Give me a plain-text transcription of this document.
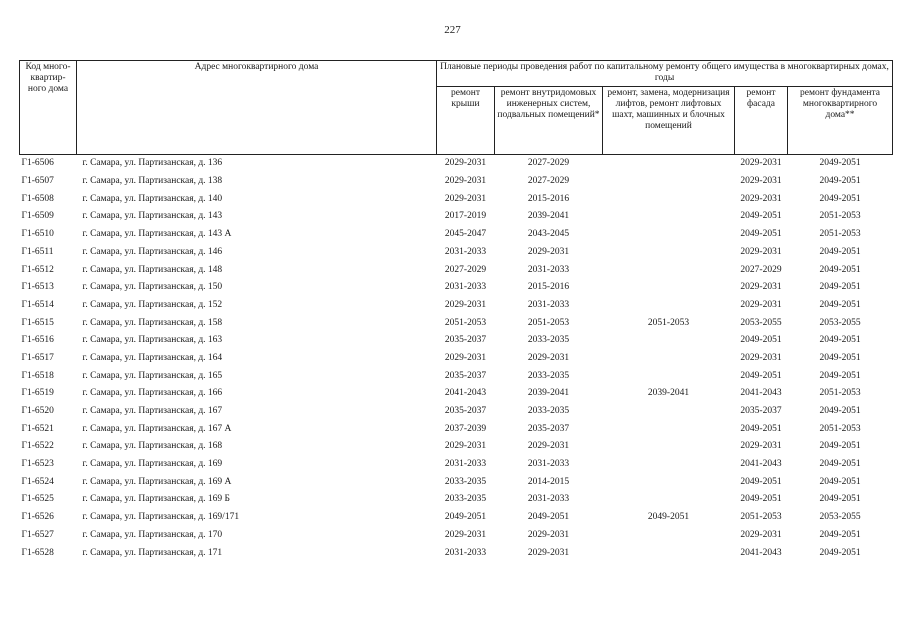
227
Код много-квартир-ного дома	Адрес многоквартирного дома	Плановые периоды проведения работ по капитальному ремонту общего имущества в многоквартирных домах, годы				
		ремонт крыши	ремонт внутридомовых инженерных систем, подвальных помещений*	ремонт, замена, модернизация лифтов, ремонт лифтовых шахт, машинных и блочных помещений	ремонт фасада	ремонт фундамента многоквартирного дома**
Г1-6506	г. Самара, ул. Партизанская, д. 136	2029-2031	2027-2029		2029-2031	2049-2051
Г1-6507	г. Самара, ул. Партизанская, д. 138	2029-2031	2027-2029		2029-2031	2049-2051
Г1-6508	г. Самара, ул. Партизанская, д. 140	2029-2031	2015-2016		2029-2031	2049-2051
Г1-6509	г. Самара, ул. Партизанская, д. 143	2017-2019	2039-2041		2049-2051	2051-2053
Г1-6510	г. Самара, ул. Партизанская, д. 143 А	2045-2047	2043-2045		2049-2051	2051-2053
Г1-6511	г. Самара, ул. Партизанская, д. 146	2031-2033	2029-2031		2029-2031	2049-2051
Г1-6512	г. Самара, ул. Партизанская, д. 148	2027-2029	2031-2033		2027-2029	2049-2051
Г1-6513	г. Самара, ул. Партизанская, д. 150	2031-2033	2015-2016		2029-2031	2049-2051
Г1-6514	г. Самара, ул. Партизанская, д. 152	2029-2031	2031-2033		2029-2031	2049-2051
Г1-6515	г. Самара, ул. Партизанская, д. 158	2051-2053	2051-2053	2051-2053	2053-2055	2053-2055
Г1-6516	г. Самара, ул. Партизанская, д. 163	2035-2037	2033-2035		2049-2051	2049-2051
Г1-6517	г. Самара, ул. Партизанская, д. 164	2029-2031	2029-2031		2029-2031	2049-2051
Г1-6518	г. Самара, ул. Партизанская, д. 165	2035-2037	2033-2035		2049-2051	2049-2051
Г1-6519	г. Самара, ул. Партизанская, д. 166	2041-2043	2039-2041	2039-2041	2041-2043	2051-2053
Г1-6520	г. Самара, ул. Партизанская, д. 167	2035-2037	2033-2035		2035-2037	2049-2051
Г1-6521	г. Самара, ул. Партизанская, д. 167 А	2037-2039	2035-2037		2049-2051	2051-2053
Г1-6522	г. Самара, ул. Партизанская, д. 168	2029-2031	2029-2031		2029-2031	2049-2051
Г1-6523	г. Самара, ул. Партизанская, д. 169	2031-2033	2031-2033		2041-2043	2049-2051
Г1-6524	г. Самара, ул. Партизанская, д. 169 А	2033-2035	2014-2015		2049-2051	2049-2051
Г1-6525	г. Самара, ул. Партизанская, д. 169 Б	2033-2035	2031-2033		2049-2051	2049-2051
Г1-6526	г. Самара, ул. Партизанская, д. 169/171	2049-2051	2049-2051	2049-2051	2051-2053	2053-2055
Г1-6527	г. Самара, ул. Партизанская, д. 170	2029-2031	2029-2031		2029-2031	2049-2051
Г1-6528	г. Самара, ул. Партизанская, д. 171	2031-2033	2029-2031		2041-2043	2049-2051
